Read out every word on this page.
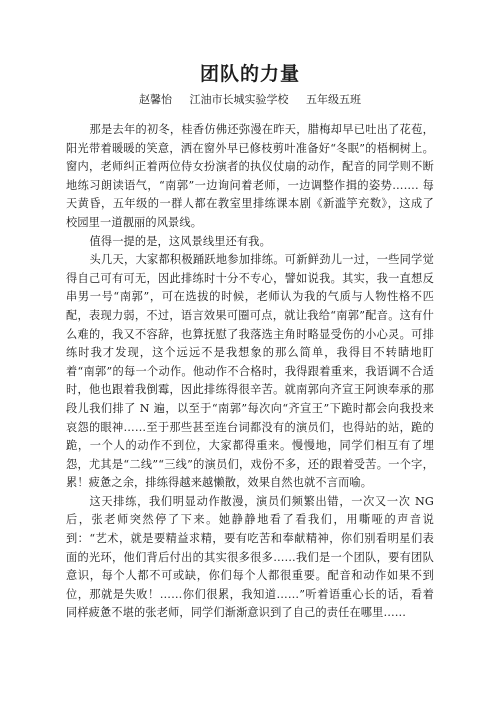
团队的力量
赵馨怡 江油市长城实验学校 五年级五班

那是去年的初冬，桂香仿佛还弥漫在昨天，腊梅却早已吐出了花苞，阳光带着暖暖的笑意，洒在窗外早已修枝剪叶准备好“冬眠”的梧桐树上。窗内，老师纠正着两位侍女扮演者的执仪仗扇的动作，配音的同学则不断地练习朗读语气，“南郭”一边询问着老师，一边调整作揖的姿势……. 每天黄昏，五年级的一群人都在教室里排练课本剧《新滥竽充数》，这成了校园里一道靓丽的风景线。

值得一提的是，这风景线里还有我。

头几天，大家都积极踊跃地参加排练。可新鲜劲儿一过，一些同学觉得自己可有可无，因此排练时十分不专心，譬如说我。其实，我一直想反串男一号“南郭”，可在选拔的时候，老师认为我的气质与人物性格不匹配，表现力弱，不过，语言效果可圈可点，就让我给“南郭”配音。这有什么难的，我又不容辞，也算抚慰了我落选主角时略显受伤的小心灵。可排练时我才发现，这个远远不是我想象的那么简单，我得目不转睛地盯着“南郭”的每一个动作。他动作不合格时，我得跟着重来，我语调不合适时，他也跟着我倒霉，因此排练得很辛苦。就南郭向齐宣王阿谀奉承的那段儿我们排了 N 遍，以至于“南郭”每次向“齐宣王”下跪时都会向我投来哀怨的眼神……至于那些甚至连台词都没有的演员们，也得站的站，跪的跪，一个人的动作不到位，大家都得重来。慢慢地，同学们相互有了埋怨，尤其是“二线”“三线”的演员们，戏份不多，还的跟着受苦。一个字，累！疲惫之余，排练得越来越懒散，效果自然也就不言而喻。

这天排练，我们明显动作散漫，演员们频繁出错，一次又一次 NG 后，张老师突然停了下来。她静静地看了看我们，用嘶哑的声音说到：“艺术，就是要精益求精，要有吃苦和奉献精神，你们别看明星们表面的光环，他们背后付出的其实很多很多……我们是一个团队，要有团队意识，每个人都不可或缺，你们每个人都很重要。配音和动作如果不到位，那就是失败！……你们很累，我知道……”听着语重心长的话，看着同样疲惫不堪的张老师，同学们渐渐意识到了自己的责任在哪里……
